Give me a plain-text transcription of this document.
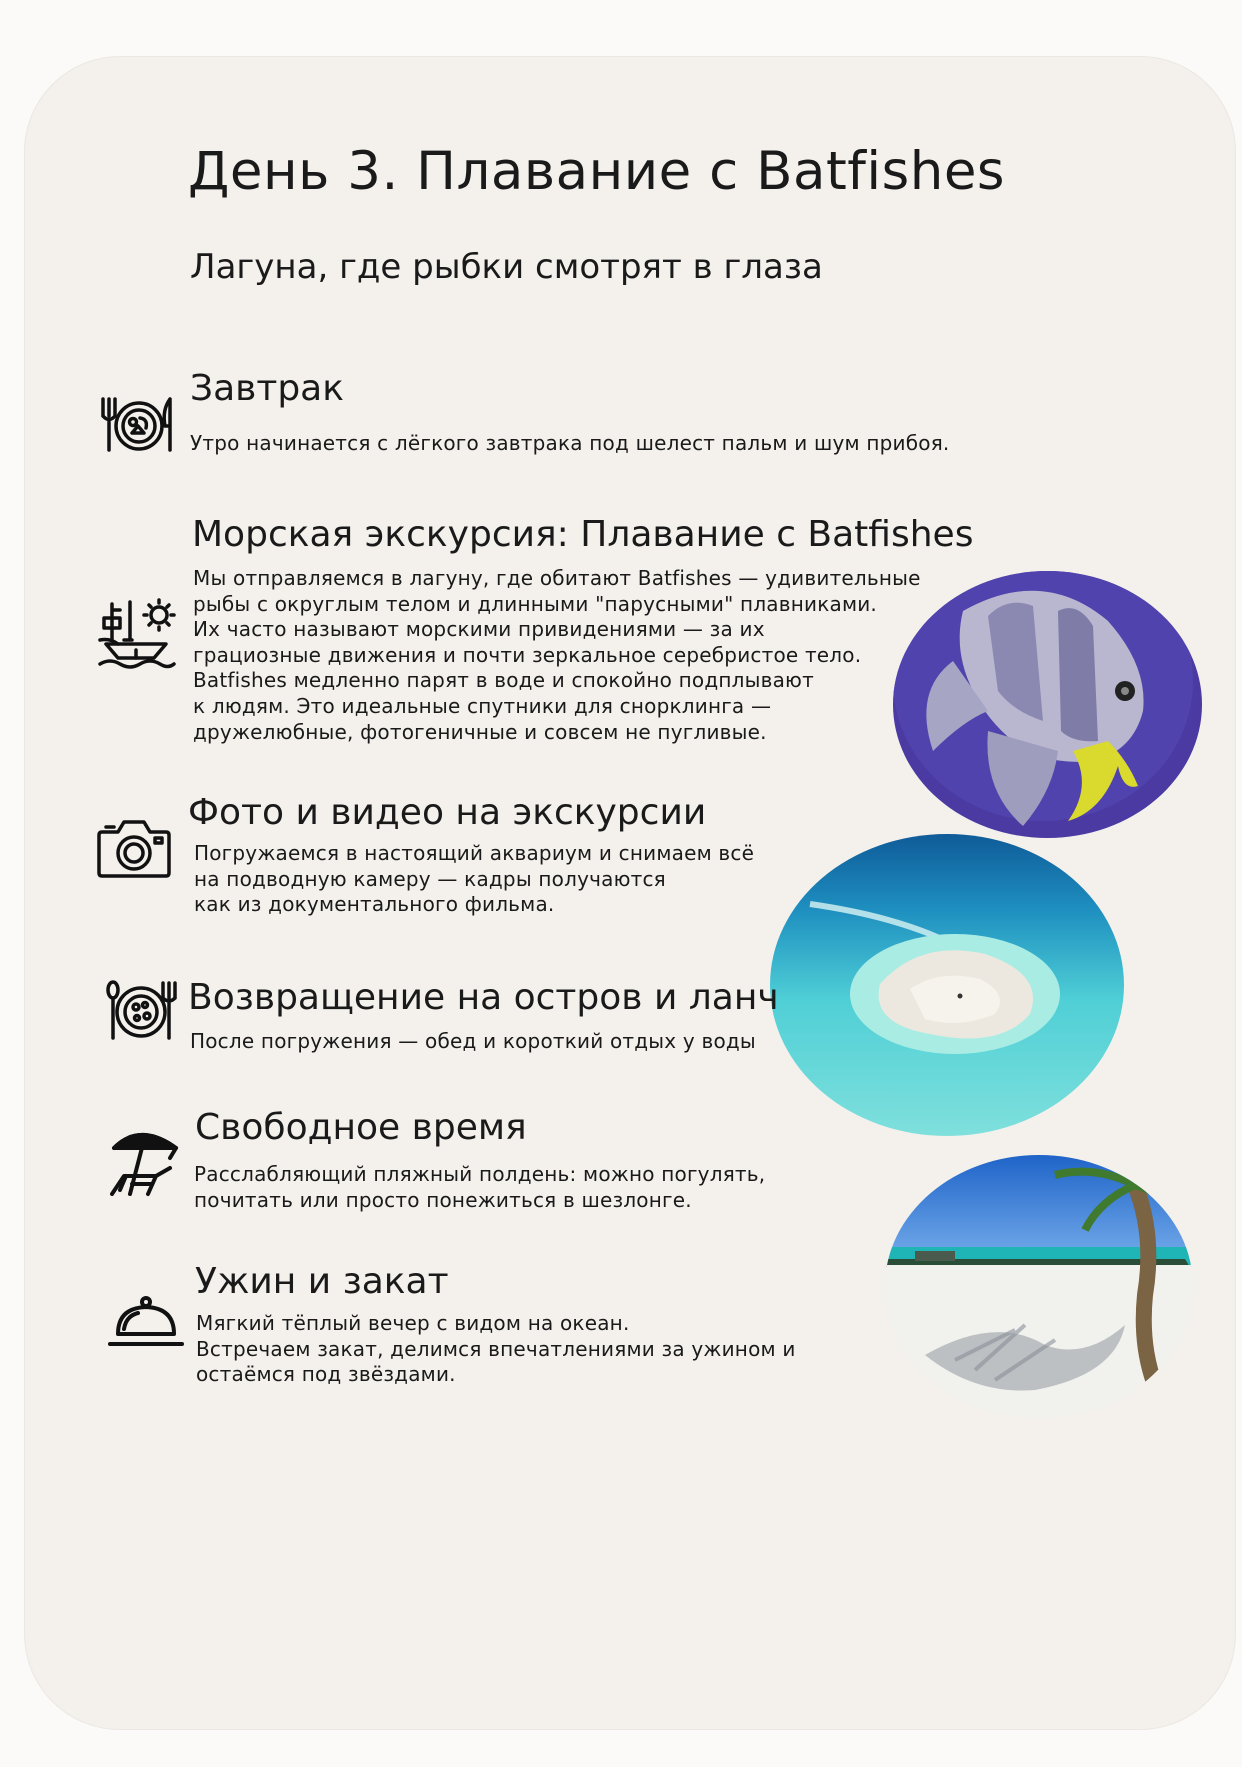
День 3. Плавание с Batfishes
Лагуна, где рыбки смотрят в глаза
Завтрак
Утро начинается с лёгкого завтрака под шелест пальм и шум прибоя.
Морская экскурсия: Плавание с Batfishes
Мы отправляемся в лагуну, где обитают Batfishes — удивительные
рыбы с округлым телом и длинными "парусными" плавниками.
Их часто называют морскими привидениями — за их
грациозные движения и почти зеркальное серебристое тело.
Batfishes медленно парят в воде и спокойно подплывают
к людям. Это идеальные спутники для снорклинга —
дружелюбные, фотогеничные и совсем не пугливые.
Фото и видео на экскурсии
Погружаемся в настоящий аквариум и снимаем всё
на подводную камеру — кадры получаются
как из документального фильма.
Возвращение на остров и ланч
После погружения — обед и короткий отдых у воды
Свободное время
Расслабляющий пляжный полдень: можно погулять,
почитать или просто понежиться в шезлонге.
Ужин и закат
Мягкий тёплый вечер с видом на океан.
Встречаем закат, делимся впечатлениями за ужином и
остаёмся под звёздами.
